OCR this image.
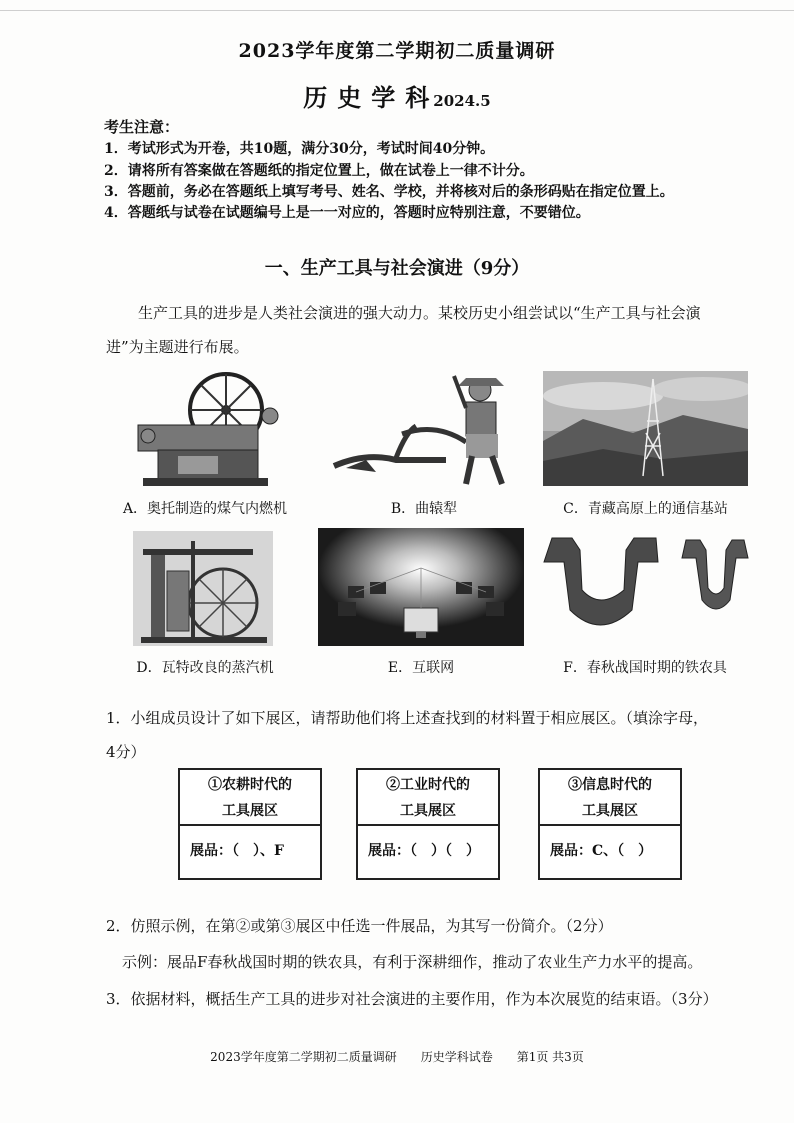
2023学年度第二学期初二质量调研
历史学科2024.5
考生注意：
1．考试形式为开卷，共10题，满分30分，考试时间40分钟。
2．请将所有答案做在答题纸的指定位置上，做在试卷上一律不计分。
3．答题前，务必在答题纸上填写考号、姓名、学校，并将核对后的条形码贴在指定位置上。
4．答题纸与试卷在试题编号上是一一对应的，答题时应特别注意，不要错位。
一、生产工具与社会演进（9分）
生产工具的进步是人类社会演进的强大动力。某校历史小组尝试以“生产工具与社会演
进”为主题进行布展。
A．奥托制造的煤气内燃机	B．曲辕犁	C．青藏高原上的通信基站
D．瓦特改良的蒸汽机	E．互联网	F．春秋战国时期的铁农具
1．小组成员设计了如下展区，请帮助他们将上述查找到的材料置于相应展区。（填涂字母，
4分）
①农耕时代的
工具展区
展品：（　）、F
②工业时代的
工具展区
展品：（　）（　）
③信息时代的
工具展区
展品：C、（　）
2．仿照示例，在第②或第③展区中任选一件展品，为其写一份简介。（2分）
示例：展品F春秋战国时期的铁农具，有利于深耕细作，推动了农业生产力水平的提高。
3．依据材料，概括生产工具的进步对社会演进的主要作用，作为本次展览的结束语。（3分）
2023学年度第二学期初二质量调研　　历史学科试卷　　第1页 共3页
